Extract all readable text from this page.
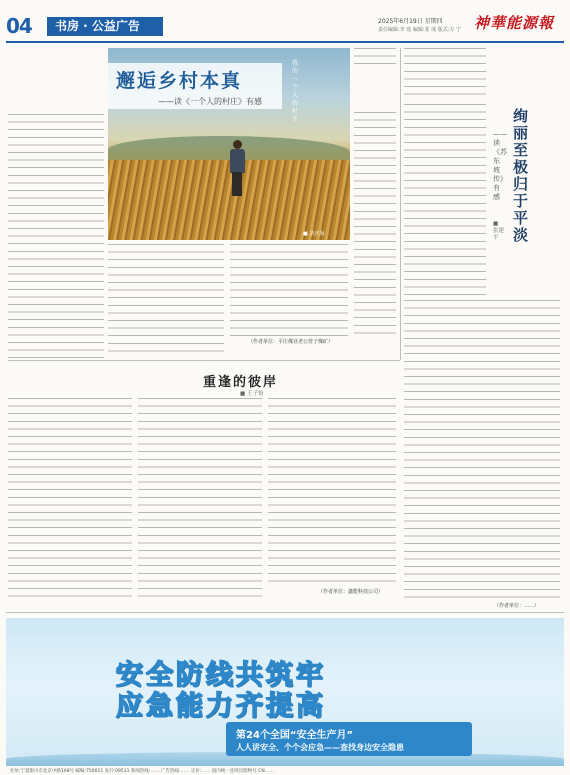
04	书房 · 公益广告	2025年6月19日 星期四
责任编辑:李 莲 编辑:张 成 版式:万 宁 神華能源報
邂逅乡村本真
——读《一个人的村庄》有感
我的一个人的村庄
■ 刘庆海
（作者单位：平庄煤业老公营子煤矿）
绚丽至极 归于平淡
——读《苏东坡传》有感
■ 张建平
（作者单位：……）
重逢的彼岸
■ 王子怡
（作者单位：鑫能科技公司）
安全防线共筑牢
应急能力齐提高
第24个全国“安全生产月”
人人讲安全、个个会应急——查找身边安全隐患
社址:宁夏银川市北京中路168号 邮编:750011 发行:09511 新闻热线:…… 广告热线:…… 定价:…… 国内统一连续出版物号 CN……
